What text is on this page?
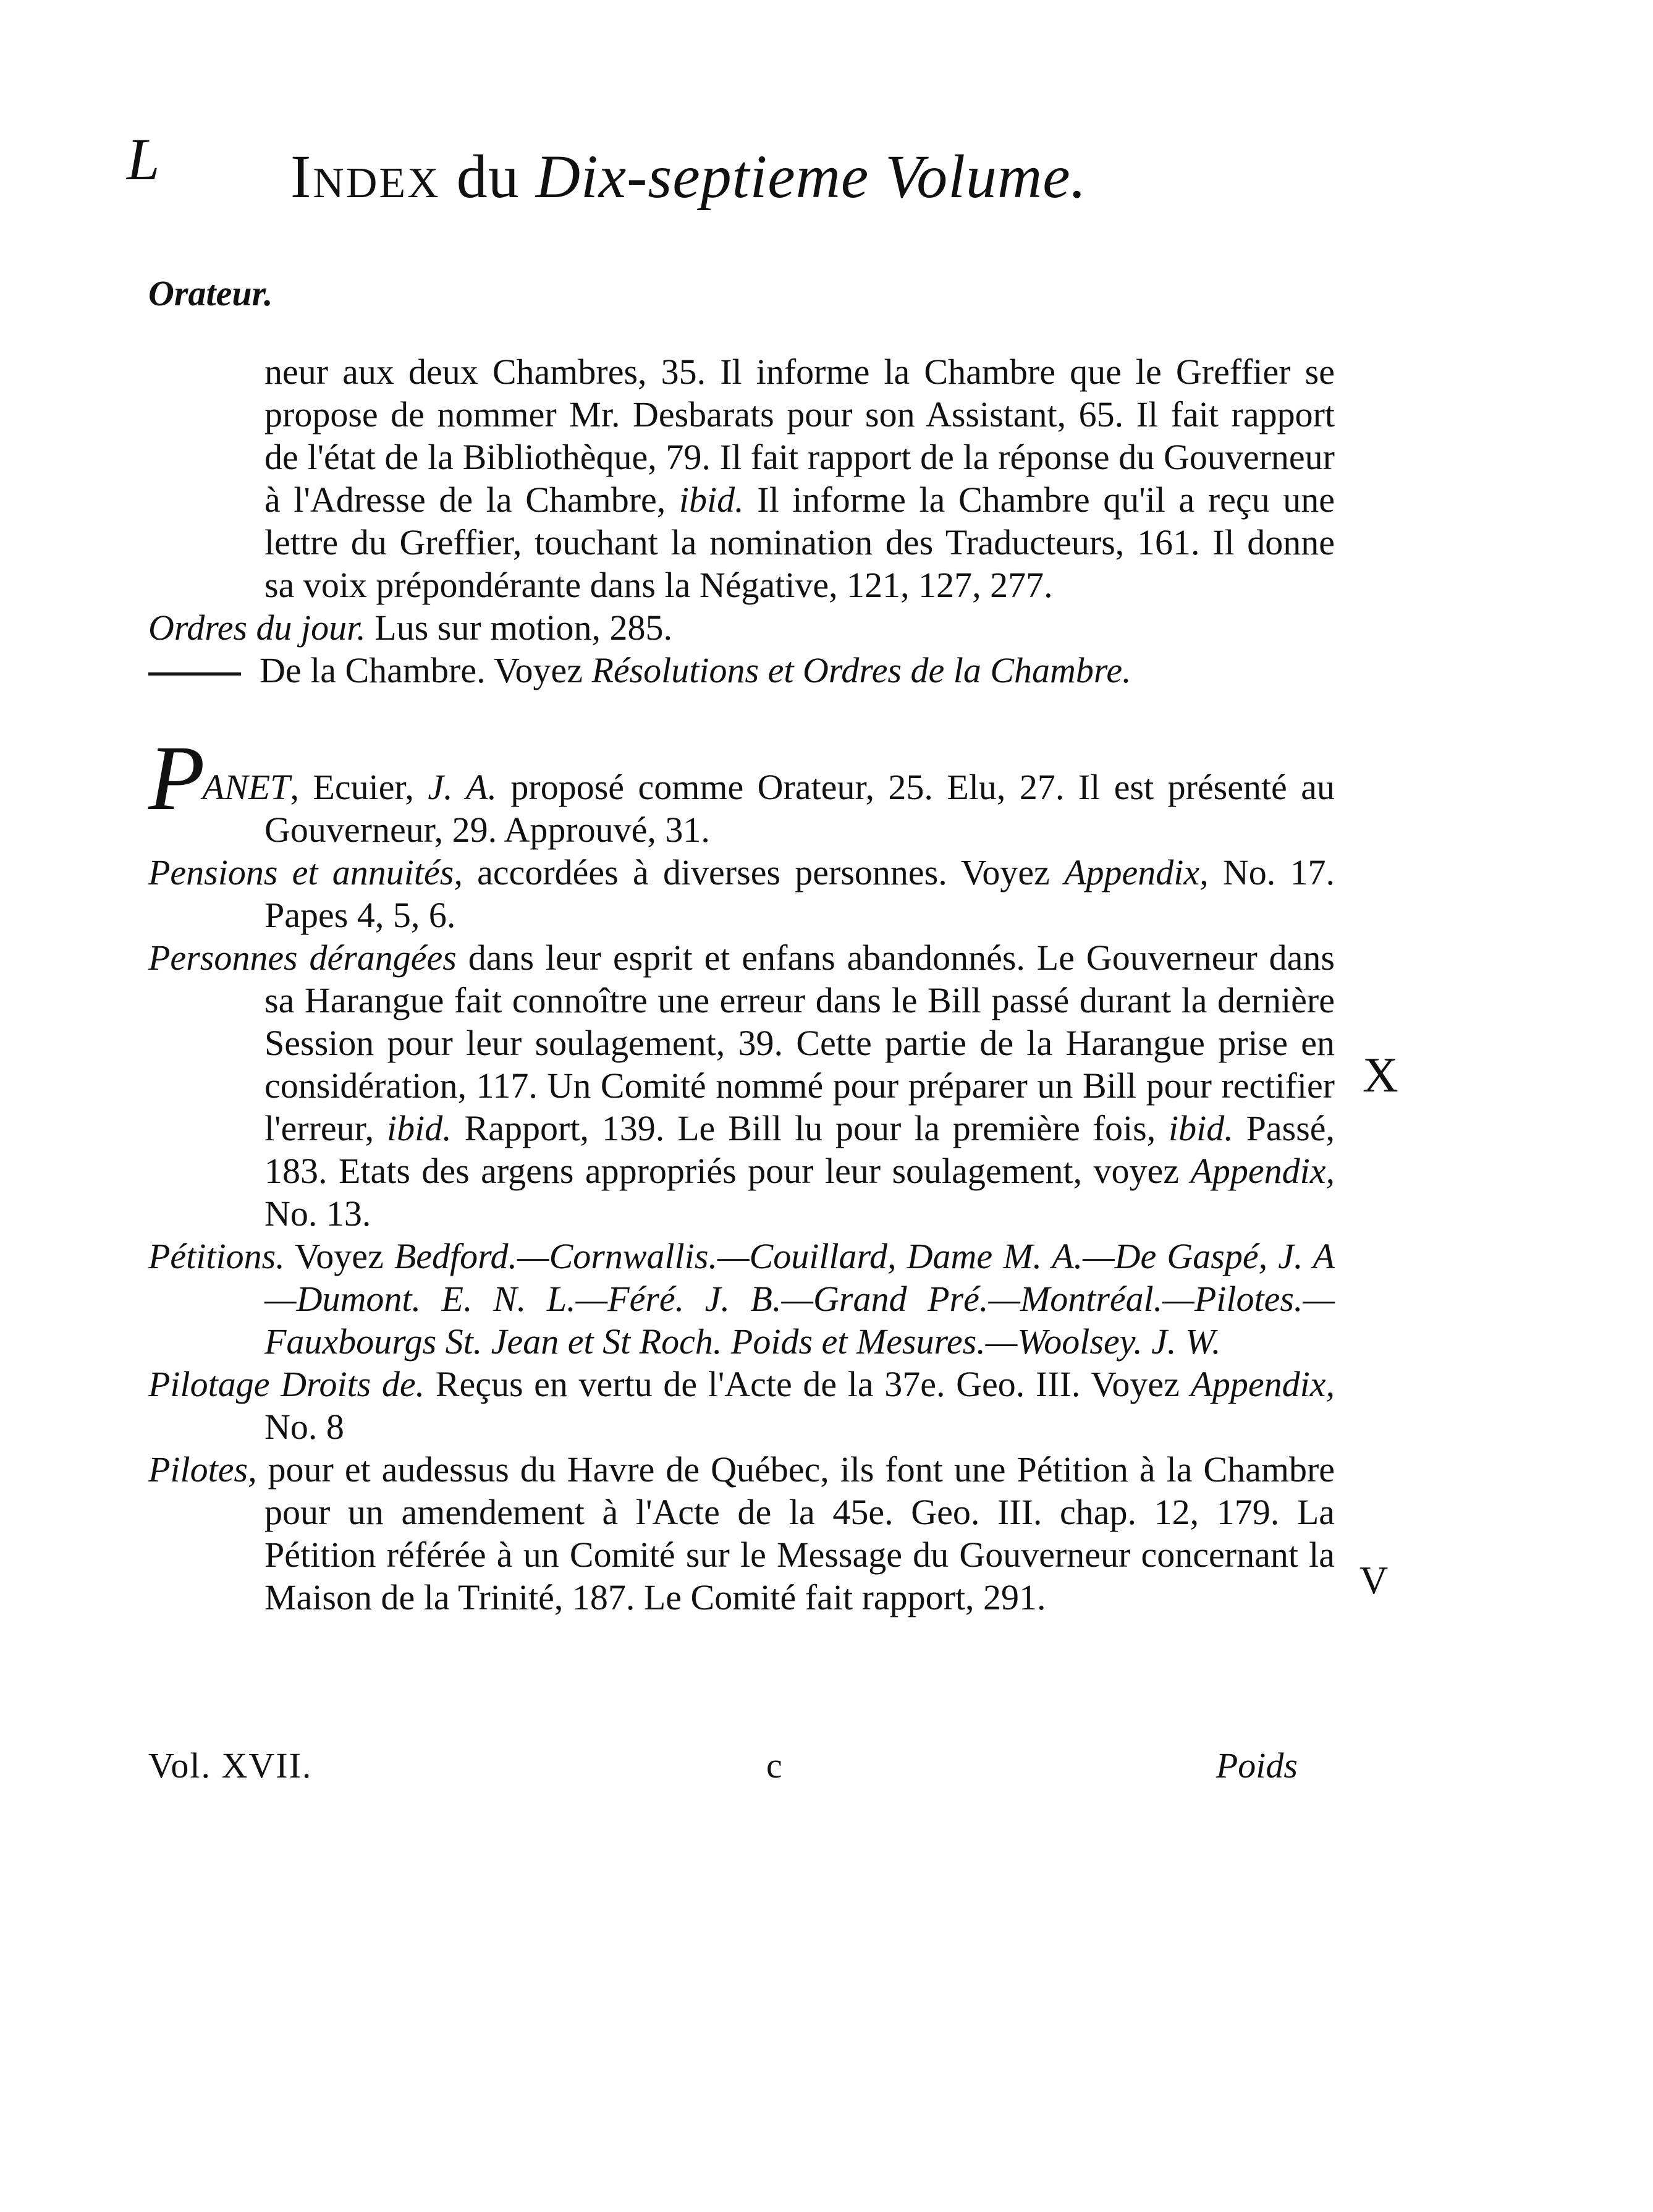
L
X
V
Index du Dix-septieme Volume.
Orateur.
neur aux deux Chambres, 35. Il informe la Chambre que le Greffier se propose de nommer Mr. Desbarats pour son Assistant, 65. Il fait rapport de l'état de la Bibliothèque, 79. Il fait rapport de la réponse du Gouverneur à l'Adresse de la Chambre, ibid. Il informe la Chambre qu'il a reçu une lettre du Greffier, touchant la nomination des Traducteurs, 161. Il donne sa voix prépondérante dans la Négative, 121, 127, 277.
Ordres du jour. Lus sur motion, 285.
De la Chambre. Voyez Résolutions et Ordres de la Chambre.
PANET, Ecuier, J. A. proposé comme Orateur, 25. Elu, 27. Il est présenté au Gouverneur, 29. Approuvé, 31.
Pensions et annuités, accordées à diverses personnes. Voyez Appendix, No. 17. Papes 4, 5, 6.
Personnes dérangées dans leur esprit et enfans abandonnés. Le Gouverneur dans sa Harangue fait connoître une erreur dans le Bill passé durant la dernière Session pour leur soulagement, 39. Cette partie de la Harangue prise en considération, 117. Un Comité nommé pour préparer un Bill pour rectifier l'erreur, ibid. Rapport, 139. Le Bill lu pour la première fois, ibid. Passé, 183. Etats des argens appropriés pour leur soulagement, voyez Appendix, No. 13.
Pétitions. Voyez Bedford.—Cornwallis.—Couillard, Dame M. A.—De Gaspé, J. A—Dumont. E. N. L.—Féré. J. B.—Grand Pré.—Montréal.—Pilotes.—Fauxbourgs St. Jean et St Roch. Poids et Mesures.—Woolsey. J. W.
Pilotage Droits de. Reçus en vertu de l'Acte de la 37e. Geo. III. Voyez Appendix, No. 8
Pilotes, pour et audessus du Havre de Québec, ils font une Pétition à la Chambre pour un amendement à l'Acte de la 45e. Geo. III. chap. 12, 179. La Pétition référée à un Comité sur le Message du Gouverneur concernant la Maison de la Trinité, 187. Le Comité fait rapport, 291.
Vol. XVII.	c	Poids
